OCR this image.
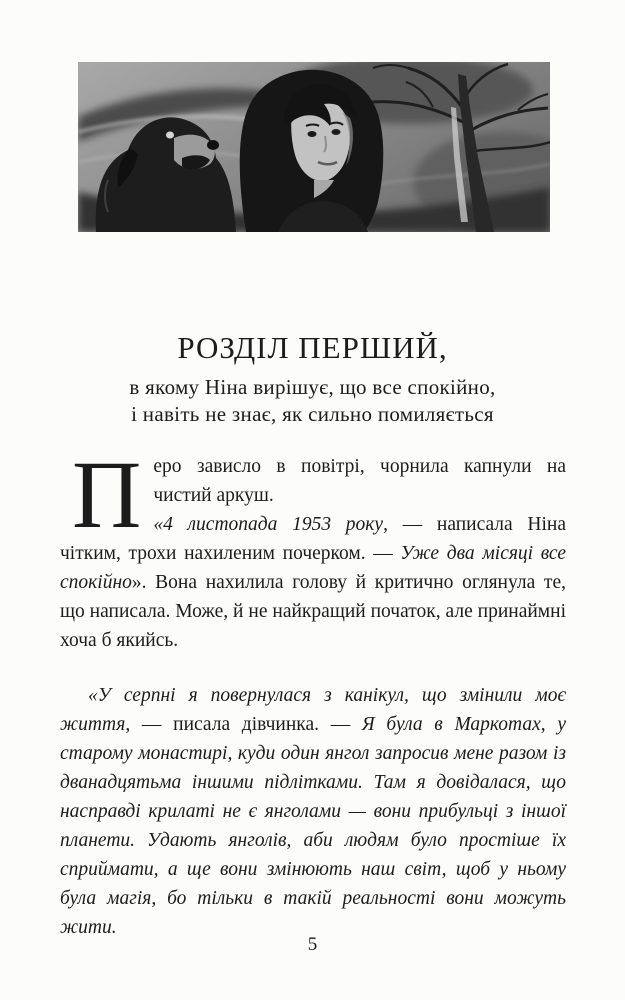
РОЗДІЛ ПЕРШИЙ,

в якому Ніна вирішує, що все спокійно,

і навіть не знає, як сильно помиляється

П еро зависло в повітрі, чорнила капнули на чистий аркуш.

«4 листопада 1953 року, — написала Ніна чітким, трохи нахиленим почерком. — Уже два місяці все спокійно». Вона нахилила голову й критично оглянула те, що написала. Може, й не найкращий початок, але принаймні хоча б якийсь.

«У серпні я повернулася з канікул, що змінили моє життя, — писала дівчинка. — Я була в Маркотах, у старому монастирі, куди один янгол запросив мене разом із дванадцятьма іншими підлітками. Там я довідалася, що насправді крилаті не є янголами — вони прибульці з іншої планети. Удають янголів, аби людям було простіше їх сприймати, а ще вони змінюють наш світ, щоб у ньому була магія, бо тільки в такій реальності вони можуть жити.

5
